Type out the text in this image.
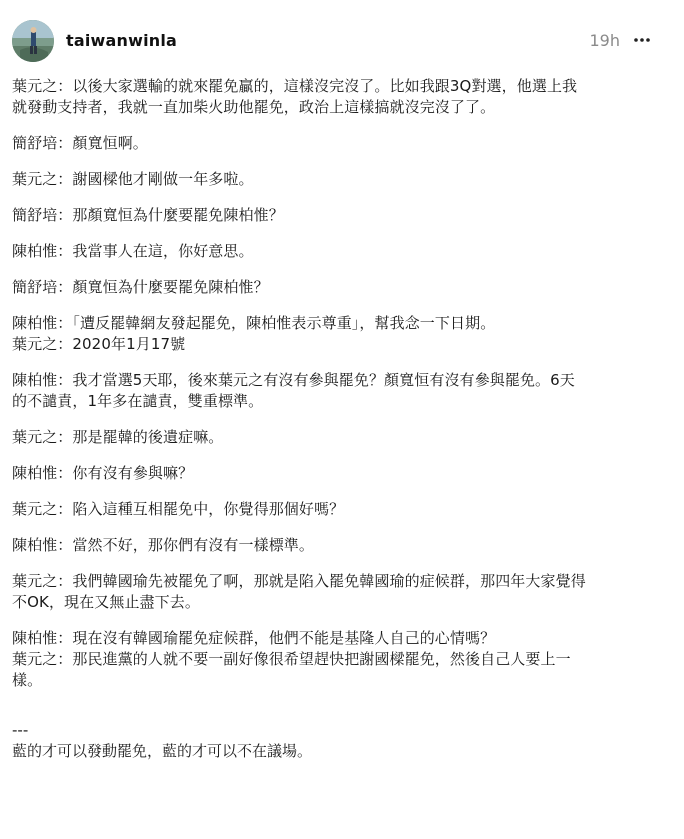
taiwanwinla	19h

葉元之：以後大家選輸的就來罷免贏的，這樣沒完沒了。比如我跟3Q對選，他選上我
就發動支持者，我就一直加柴火助他罷免，政治上這樣搞就沒完沒了了。

簡舒培：顏寬恒啊。

葉元之：謝國樑他才剛做一年多啦。

簡舒培：那顏寬恒為什麼要罷免陳柏惟？

陳柏惟：我當事人在這，你好意思。

簡舒培：顏寬恒為什麼要罷免陳柏惟？

陳柏惟：「遭反罷韓網友發起罷免，陳柏惟表示尊重」，幫我念一下日期。
葉元之：2020年1月17號

陳柏惟：我才當選5天耶，後來葉元之有沒有參與罷免？顏寬恒有沒有參與罷免。6天
的不譴責，1年多在譴責，雙重標準。

葉元之：那是罷韓的後遺症嘛。

陳柏惟：你有沒有參與嘛？

葉元之：陷入這種互相罷免中，你覺得那個好嗎？

陳柏惟：當然不好，那你們有沒有一樣標準。

葉元之：我們韓國瑜先被罷免了啊，那就是陷入罷免韓國瑜的症候群，那四年大家覺得
不OK，現在又無止盡下去。

陳柏惟：現在沒有韓國瑜罷免症候群，他們不能是基隆人自己的心情嗎？
葉元之：那民進黨的人就不要一副好像很希望趕快把謝國樑罷免，然後自己人要上一
樣。

---
藍的才可以發動罷免，藍的才可以不在議場。
